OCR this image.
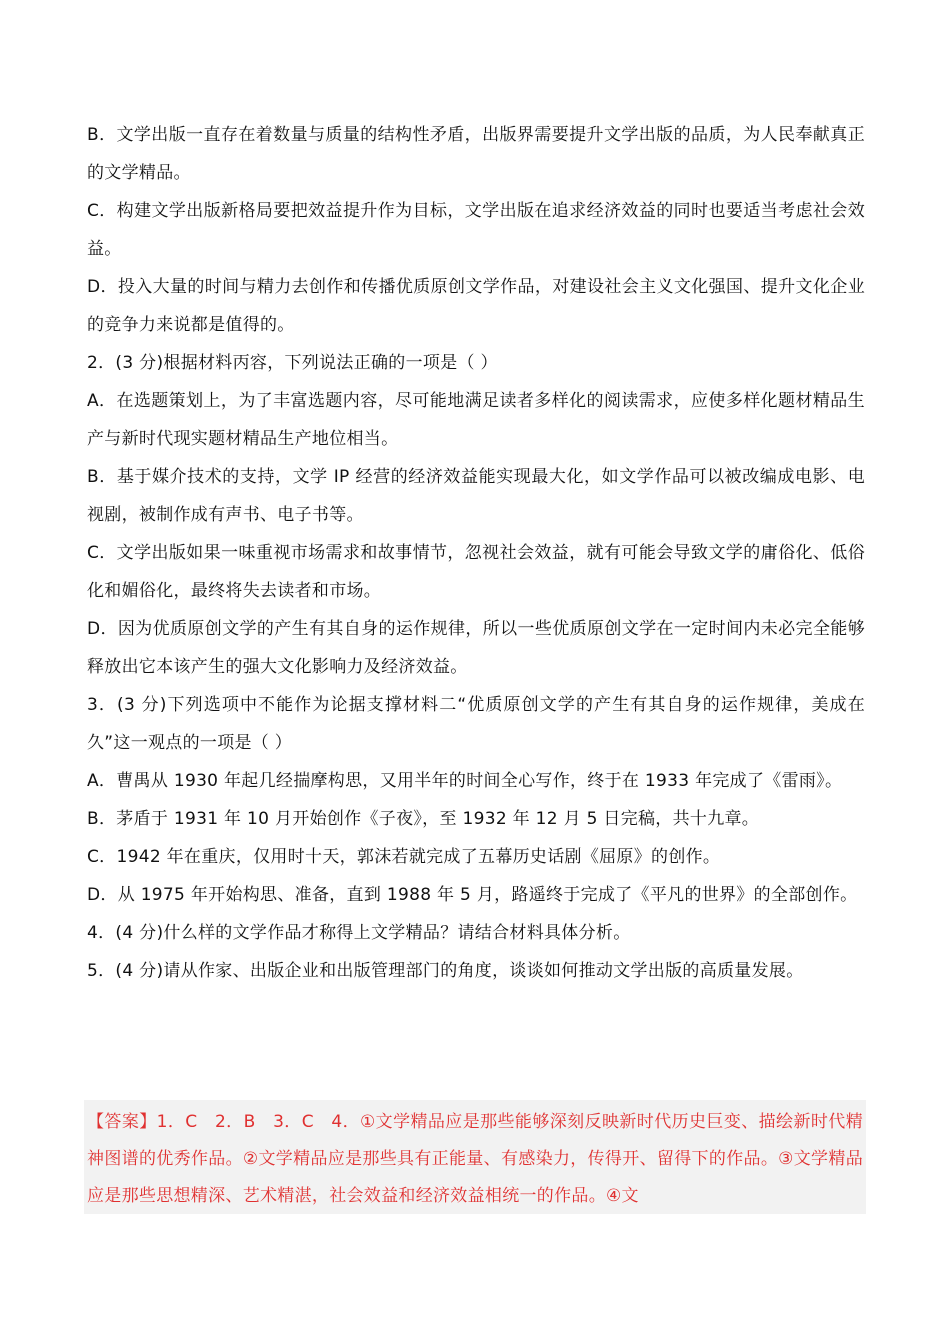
B．文学出版一直存在着数量与质量的结构性矛盾，出版界需要提升文学出版的品质，为人民奉献真正的文学精品。

C．构建文学出版新格局要把效益提升作为目标，文学出版在追求经济效益的同时也要适当考虑社会效益。

D．投入大量的时间与精力去创作和传播优质原创文学作品，对建设社会主义文化强国、提升文化企业的竞争力来说都是值得的。

2．(3 分)根据材料丙容，下列说法正确的一项是（ ）

A．在选题策划上，为了丰富选题内容，尽可能地满足读者多样化的阅读需求，应使多样化题材精品生产与新时代现实题材精品生产地位相当。

B．基于媒介技术的支持，文学 IP 经营的经济效益能实现最大化，如文学作品可以被改编成电影、电视剧，被制作成有声书、电子书等。

C．文学出版如果一味重视市场需求和故事情节，忽视社会效益，就有可能会导致文学的庸俗化、低俗化和媚俗化，最终将失去读者和市场。

D．因为优质原创文学的产生有其自身的运作规律，所以一些优质原创文学在一定时间内未必完全能够释放出它本该产生的强大文化影响力及经济效益。

3．(3 分)下列选项中不能作为论据支撑材料二“优质原创文学的产生有其自身的运作规律，美成在久”这一观点的一项是（ ）

A．曹禺从 1930 年起几经揣摩构思，又用半年的时间全心写作，终于在 1933 年完成了《雷雨》。

B．茅盾于 1931 年 10 月开始创作《子夜》，至 1932 年 12 月 5 日完稿，共十九章。

C．1942 年在重庆，仅用时十天，郭沫若就完成了五幕历史话剧《屈原》的创作。

D．从 1975 年开始构思、准备，直到 1988 年 5 月，路遥终于完成了《平凡的世界》的全部创作。

4．(4 分)什么样的文学作品才称得上文学精品？请结合材料具体分析。

5．(4 分)请从作家、出版企业和出版管理部门的角度，谈谈如何推动文学出版的高质量发展。

【答案】1．C　2．B　3．C　4．①文学精品应是那些能够深刻反映新时代历史巨变、描绘新时代精神图谱的优秀作品。②文学精品应是那些具有正能量、有感染力，传得开、留得下的作品。③文学精品应是那些思想精深、艺术精湛，社会效益和经济效益相统一的作品。④文
